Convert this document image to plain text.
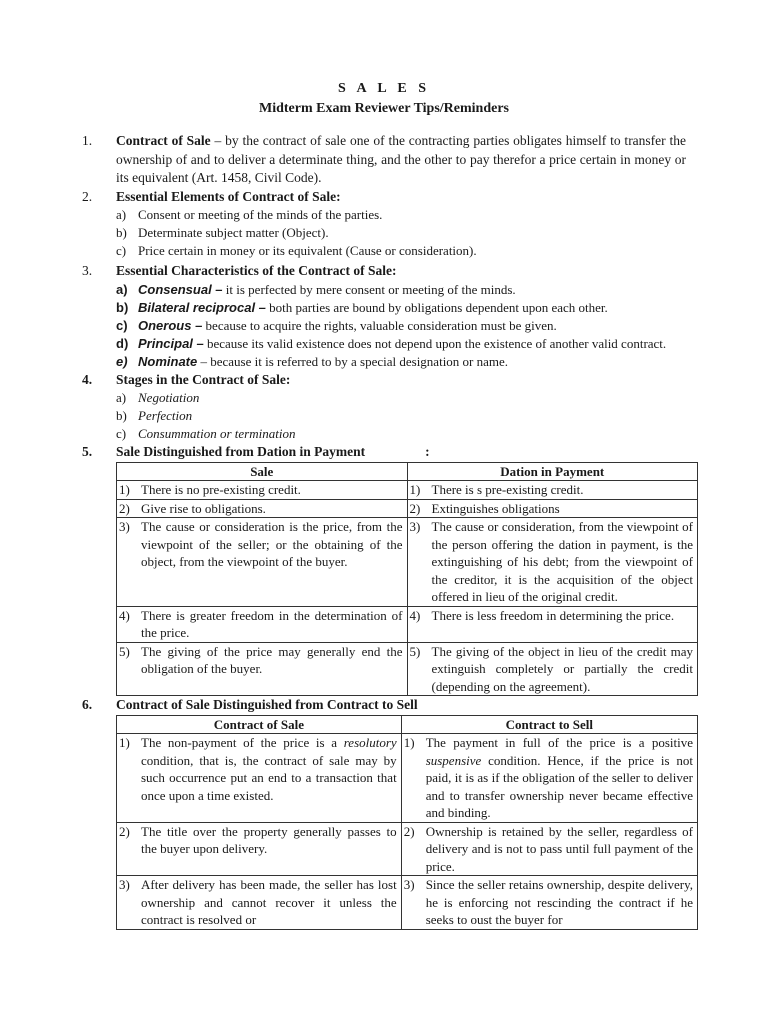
S A L E S

Midterm Exam Reviewer Tips/Reminders

1.	Contract of Sale – by the contract of sale one of the contracting parties obligates himself to transfer the ownership of and to deliver a determinate thing, and the other to pay therefor a price certain in money or its equivalent (Art. 1458, Civil Code).
2.	Essential Elements of Contract of Sale:
a) Consent or meeting of the minds of the parties.
b) Determinate subject matter (Object).
c) Price certain in money or its equivalent (Cause or consideration).
3.	Essential Characteristics of the Contract of Sale:
a) Consensual – it is perfected by mere consent or meeting of the minds.
b) Bilateral reciprocal – both parties are bound by obligations dependent upon each other.
c) Onerous – because to acquire the rights, valuable consideration must be given.
d) Principal – because its valid existence does not depend upon the existence of another valid contract.
e) Nominate – because it is referred to by a special designation or name.
4.	Stages in the Contract of Sale:
a) Negotiation
b) Perfection
c) Consummation or termination
5.	Sale Distinguished from Dation in Payment	:
Sale	Dation in Payment

1) There is no pre-existing credit.	1) There is s pre-existing credit.

2) Give rise to obligations.	2) Extinguishes obligations

3) The cause or consideration is the price, from the viewpoint of the seller; or the obtaining of the object, from the viewpoint of the buyer.	3) The cause or consideration, from the viewpoint of the person offering the dation in payment, is the extinguishing of his debt; from the viewpoint of the creditor, it is the acquisition of the object offered in lieu of the original credit.

4) There is greater freedom in the determination of the price.	4) There is less freedom in determining the price.

5) The giving of the price may generally end the obligation of the buyer.	5) The giving of the object in lieu of the credit may extinguish completely or partially the credit (depending on the agreement).
6.	Contract of Sale Distinguished from Contract to Sell
Contract of Sale	Contract to Sell

1) The non-payment of the price is a resolutory condition, that is, the contract of sale may by such occurrence put an end to a transaction that once upon a time existed.	1) The payment in full of the price is a positive suspensive condition. Hence, if the price is not paid, it is as if the obligation of the seller to deliver and to transfer ownership never became effective and binding.

2) The title over the property generally passes to the buyer upon delivery.	2) Ownership is retained by the seller, regardless of delivery and is not to pass until full payment of the price.

3) After delivery has been made, the seller has lost ownership and cannot recover it unless the contract is resolved or	3) Since the seller retains ownership, despite delivery, he is enforcing not rescinding the contract if he seeks to oust the buyer for
